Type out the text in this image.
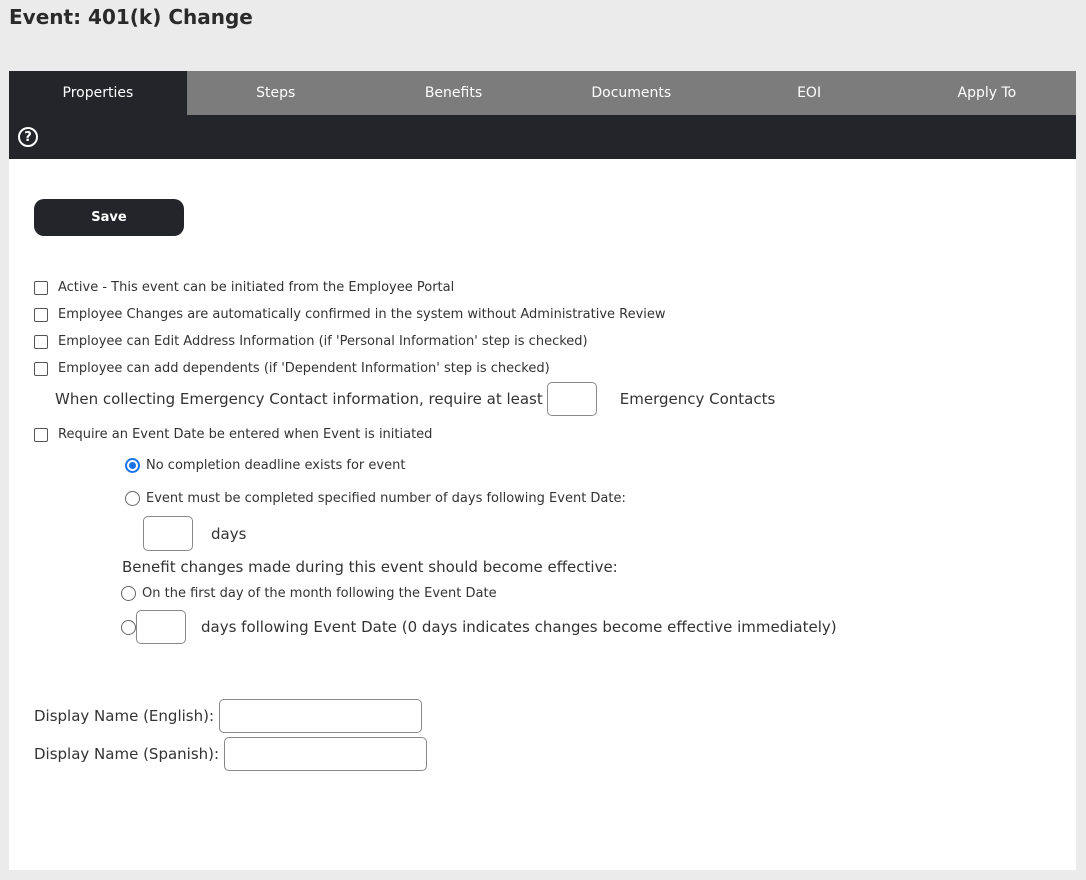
Event: 401(k) Change
Properties	Steps	Benefits	Documents	EOI	Apply To
?
Save
Active - This event can be initiated from the Employee Portal
Employee Changes are automatically confirmed in the system without Administrative Review
Employee can Edit Address Information (if 'Personal Information' step is checked)
Employee can add dependents (if 'Dependent Information' step is checked)
When collecting Emergency Contact information, require at least	Emergency Contacts
Require an Event Date be entered when Event is initiated
No completion deadline exists for event
Event must be completed specified number of days following Event Date:
days
Benefit changes made during this event should become effective:
On the first day of the month following the Event Date
days following Event Date (0 days indicates changes become effective immediately)
Display Name (English):
Display Name (Spanish):
